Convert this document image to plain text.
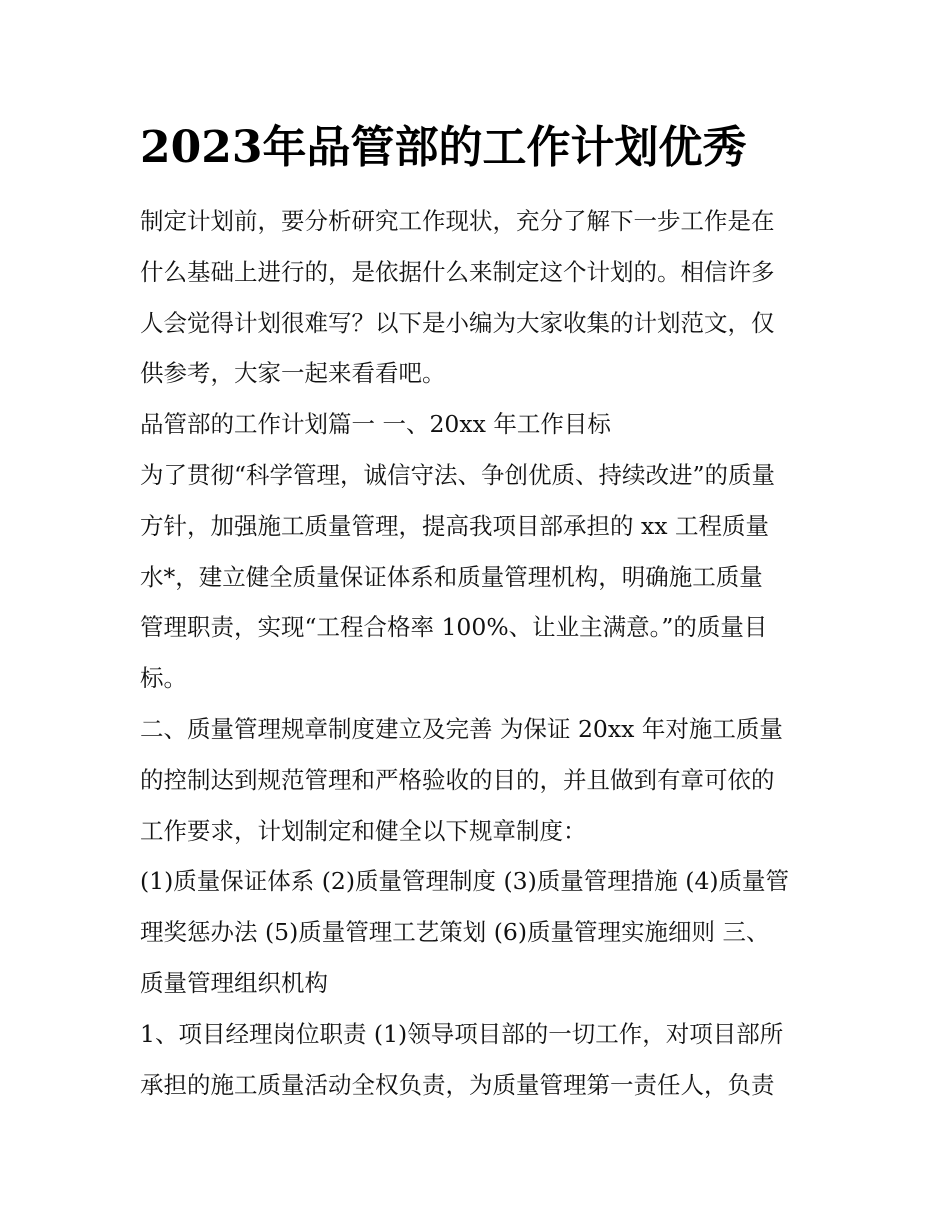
2023年品管部的工作计划优秀

制定计划前，要分析研究工作现状，充分了解下一步工作是在
什么基础上进行的，是依据什么来制定这个计划的。相信许多
人会觉得计划很难写？以下是小编为大家收集的计划范文，仅
供参考，大家一起来看看吧。

品管部的工作计划篇一 一、20xx 年工作目标

为了贯彻“科学管理，诚信守法、争创优质、持续改进”的质量
方针，加强施工质量管理，提高我项目部承担的 xx 工程质量
水*，建立健全质量保证体系和质量管理机构，明确施工质量
管理职责，实现“工程合格率 100%、让业主满意。”的质量目
标。

二、质量管理规章制度建立及完善 为保证 20xx 年对施工质量
的控制达到规范管理和严格验收的目的，并且做到有章可依的
工作要求，计划制定和健全以下规章制度：

(1)质量保证体系 (2)质量管理制度 (3)质量管理措施 (4)质量管
理奖惩办法 (5)质量管理工艺策划 (6)质量管理实施细则 三、
质量管理组织机构

1、项目经理岗位职责 (1)领导项目部的一切工作，对项目部所
承担的施工质量活动全权负责，为质量管理第一责任人，负责
